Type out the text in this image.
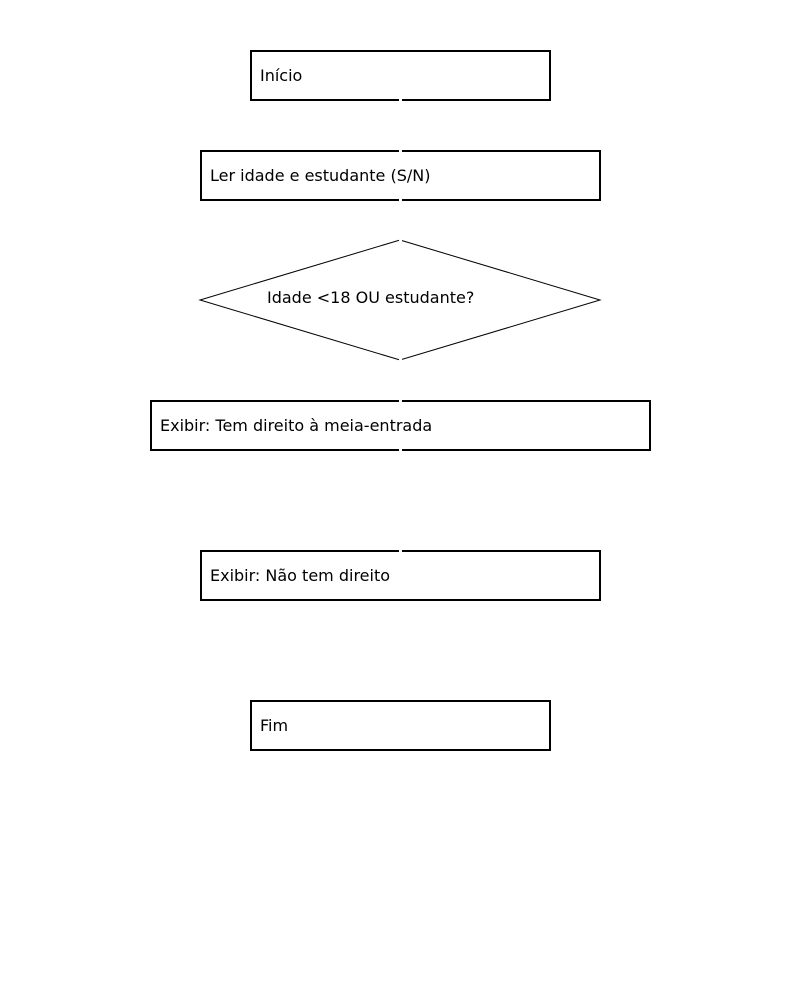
Início
Ler idade e estudante (S/N)
Idade <18 OU estudante?
Exibir: Tem direito à meia-entrada
Exibir: Não tem direito
Fim
